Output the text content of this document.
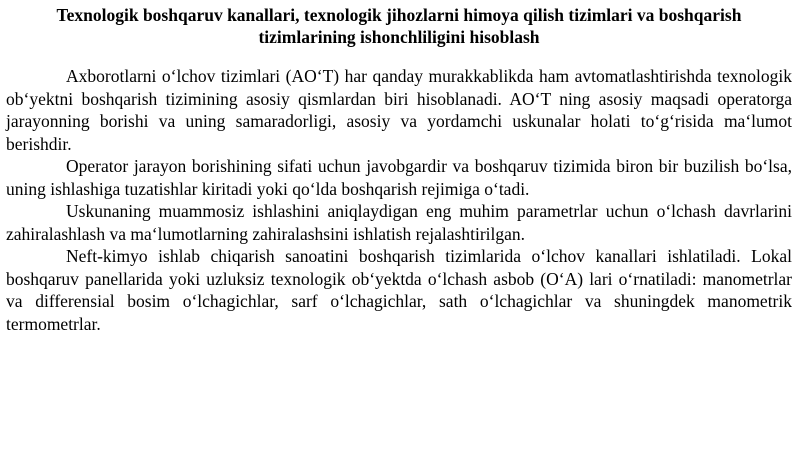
Texnologik boshqaruv kanallari, texnologik jihozlarni himoya qilish tizimlari va boshqarish tizimlarining ishonchliligini hisoblash

Axborotlarni o‘lchov tizimlari (AO‘T) har qanday murakkablikda ham avtomatlashtirishda texnologik ob‘yektni boshqarish tizimining asosiy qismlardan biri hisoblanadi. AO‘T ning asosiy maqsadi operatorga jarayonning borishi va uning samaradorligi, asosiy va yordamchi uskunalar holati to‘g‘risida ma‘lumot berishdir.

Operator jarayon borishining sifati uchun javobgardir va boshqaruv tizimida biron bir buzilish bo‘lsa, uning ishlashiga tuzatishlar kiritadi yoki qo‘lda boshqarish rejimiga o‘tadi.

Uskunaning muammosiz ishlashini aniqlaydigan eng muhim parametrlar uchun o‘lchash davrlarini zahiralashlash va ma‘lumotlarning zahiralashsini ishlatish rejalashtirilgan.

Neft-kimyo ishlab chiqarish sanoatini boshqarish tizimlarida o‘lchov kanallari ishlatiladi. Lokal boshqaruv panellarida yoki uzluksiz texnologik ob‘yektda o‘lchash asbob (O‘A) lari o‘rnatiladi: manometrlar va differensial bosim o‘lchagichlar, sarf o‘lchagichlar, sath o‘lchagichlar va shuningdek manometrik termometrlar.
